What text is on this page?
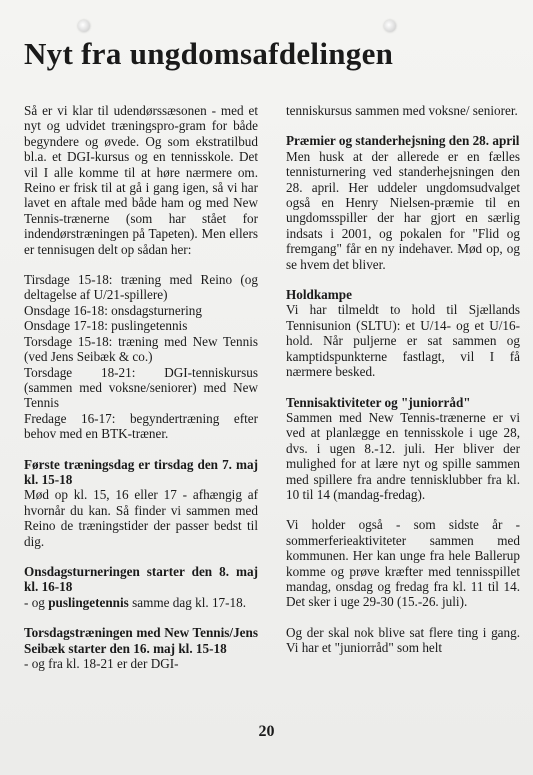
Nyt fra ungdomsafdelingen

Så er vi klar til udendørssæsonen - med et nyt og udvidet træningspro-gram for både begyndere og øvede. Og som ekstratilbud bl.a. et DGI-kursus og en tennisskole. Det vil I alle komme til at høre nærmere om. Reino er frisk til at gå i gang igen, så vi har lavet en aftale med både ham og med New Tennis-trænerne (som har stået for indendørstræningen på Tapeten). Men ellers er tennisugen delt op sådan her:

Tirsdage 15-18: træning med Reino (og deltagelse af U/21-spillere)
Onsdage 16-18: onsdagsturnering
Onsdage 17-18: puslingetennis
Torsdage 15-18: træning med New Tennis (ved Jens Seibæk & co.)
Torsdage 18-21: DGI-tenniskursus (sammen med voksne/seniorer) med New Tennis
Fredage 16-17: begyndertræning efter behov med en BTK-træner.

Første træningsdag er tirsdag den 7. maj kl. 15-18
Mød op kl. 15, 16 eller 17 - afhængig af hvornår du kan. Så finder vi sammen med Reino de træningstider der passer bedst til dig.

Onsdagsturneringen starter den 8. maj kl. 16-18
- og puslingetennis samme dag kl. 17-18.

Torsdagstræningen med New Tennis/Jens Seibæk starter den 16. maj kl. 15-18
- og fra kl. 18-21 er der DGI-

tenniskursus sammen med voksne/ seniorer.

Præmier og standerhejsning den 28. april
Men husk at der allerede er en fælles tennisturnering ved standerhejsningen den 28. april. Her uddeler ungdomsudvalget også en Henry Nielsen-præmie til en ungdomsspiller der har gjort en særlig indsats i 2001, og pokalen for "Flid og fremgang" får en ny indehaver. Mød op, og se hvem det bliver.

Holdkampe
Vi har tilmeldt to hold til Sjællands Tennisunion (SLTU): et U/14- og et U/16-hold. Når puljerne er sat sammen og kamptidspunkterne fastlagt, vil I få nærmere besked.

Tennisaktiviteter og "juniorråd"
Sammen med New Tennis-trænerne er vi ved at planlægge en tennisskole i uge 28, dvs. i ugen 8.-12. juli. Her bliver der mulighed for at lære nyt og spille sammen med spillere fra andre tennisklubber fra kl. 10 til 14 (mandag-fredag).

Vi holder også - som sidste år - sommerferieaktiviteter sammen med kommunen. Her kan unge fra hele Ballerup komme og prøve kræfter med tennisspillet mandag, onsdag og fredag fra kl. 11 til 14. Det sker i uge 29-30 (15.-26. juli).

Og der skal nok blive sat flere ting i gang. Vi har et "juniorråd" som helt

20
